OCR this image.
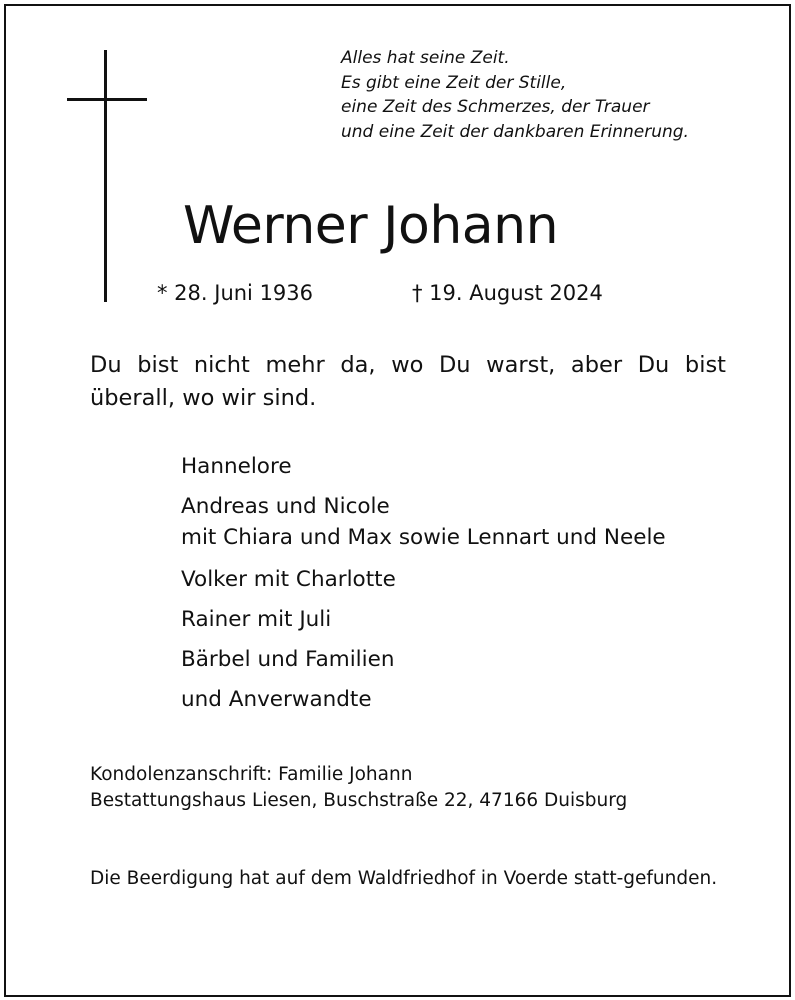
Alles hat seine Zeit.
Es gibt eine Zeit der Stille,
eine Zeit des Schmerzes, der Trauer
und eine Zeit der dankbaren Erinnerung.
Werner Johann
* 28. Juni 1936	† 19. August 2024
Du bist nicht mehr da, wo Du warst, aber Du bist überall, wo wir sind.
Hannelore
Andreas und Nicole
mit Chiara und Max sowie Lennart und Neele
Volker mit Charlotte
Rainer mit Juli
Bärbel und Familien
und Anverwandte
Kondolenzanschrift: Familie Johann
Bestattungshaus Liesen, Buschstraße 22, 47166 Duisburg
Die Beerdigung hat auf dem Waldfriedhof in Voerde statt-gefunden.
